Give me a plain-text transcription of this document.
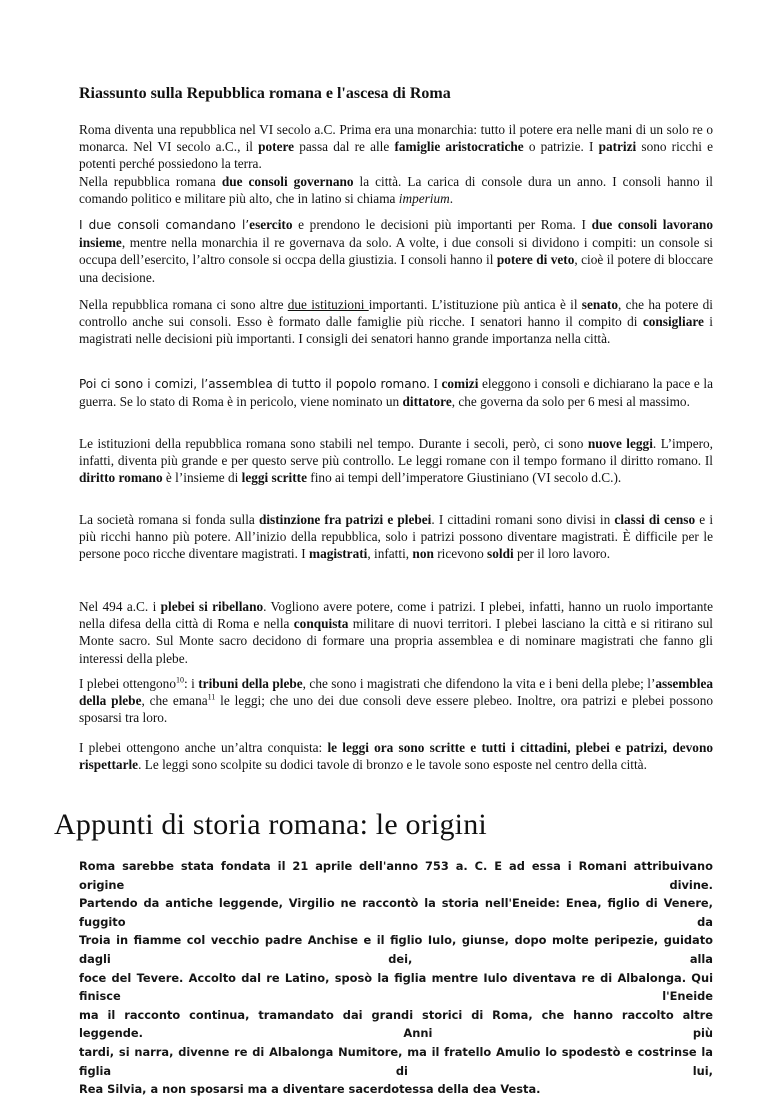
Riassunto sulla Repubblica romana e l'ascesa di Roma

Roma diventa una repubblica nel VI secolo a.C. Prima era una monarchia: tutto il potere era nelle mani di un solo re o monarca. Nel VI secolo a.C., il potere passa dal re alle famiglie aristocratiche o patrizie. I patrizi sono ricchi e potenti perché possiedono la terra.
Nella repubblica romana due consoli governano la città. La carica di console dura un anno. I consoli hanno il comando politico e militare più alto, che in latino si chiama imperium.

I due consoli comandano l’esercito e prendono le decisioni più importanti per Roma. I due consoli lavorano insieme, mentre nella monarchia il re governava da solo. A volte, i due consoli si dividono i compiti: un console si occupa dell’esercito, l’altro console si occpa della giustizia. I consoli hanno il potere di veto, cioè il potere di bloccare una decisione.

Nella repubblica romana ci sono altre due istituzioni importanti. L’istituzione più antica è il senato, che ha potere di controllo anche sui consoli. Esso è formato dalle famiglie più ricche. I senatori hanno il compito di consigliare i magistrati nelle decisioni più importanti. I consigli dei senatori hanno grande importanza nella città.

Poi ci sono i comizi, l’assemblea di tutto il popolo romano. I comizi eleggono i consoli e dichiarano la pace e la guerra. Se lo stato di Roma è in pericolo, viene nominato un dittatore, che governa da solo per 6 mesi al massimo.

Le istituzioni della repubblica romana sono stabili nel tempo. Durante i secoli, però, ci sono nuove leggi. L’impero, infatti, diventa più grande e per questo serve più controllo. Le leggi romane con il tempo formano il diritto romano. Il diritto romano è l’insieme di leggi scritte fino ai tempi dell’imperatore Giustiniano (VI secolo d.C.).

La società romana si fonda sulla distinzione fra patrizi e plebei. I cittadini romani sono divisi in classi di censo e i più ricchi hanno più potere. All’inizio della repubblica, solo i patrizi possono diventare magistrati. È difficile per le persone poco ricche diventare magistrati. I magistrati, infatti, non ricevono soldi per il loro lavoro.

Nel 494 a.C. i plebei si ribellano. Vogliono avere potere, come i patrizi. I plebei, infatti, hanno un ruolo importante nella difesa della città di Roma e nella conquista militare di nuovi territori. I plebei lasciano la città e si ritirano sul Monte sacro. Sul Monte sacro decidono di formare una propria assemblea e di nominare magistrati che fanno gli interessi della plebe.

I plebei ottengono$^{10}$: i tribuni della plebe, che sono i magistrati che difendono la vita e i beni della plebe; l’assemblea della plebe, che emana$^{11}$ le leggi; che uno dei due consoli deve essere plebeo. Inoltre, ora patrizi e plebei possono sposarsi tra loro.

I plebei ottengono anche un’altra conquista: le leggi ora sono scritte e tutti i cittadini, plebei e patrizi, devono rispettarle. Le leggi sono scolpite su dodici tavole di bronzo e le tavole sono esposte nel centro della città.

Appunti di storia romana: le origini
Roma sarebbe stata fondata il 21 aprile dell'anno 753 a. C. E ad essa i Romani attribuivano origine divine.
Partendo da antiche leggende, Virgilio ne raccontò la storia nell'Eneide: Enea, figlio di Venere, fuggito da
Troia in fiamme col vecchio padre Anchise e il figlio Iulo, giunse, dopo molte peripezie, guidato dagli dei, alla
foce del Tevere. Accolto dal re Latino, sposò la figlia mentre Iulo diventava re di Albalonga. Qui finisce l'Eneide
ma il racconto continua, tramandato dai grandi storici di Roma, che hanno raccolto altre leggende. Anni più
tardi, si narra, divenne re di Albalonga Numitore, ma il fratello Amulio lo spodestò e costrinse la figlia di lui,
Rea Silvia, a non sposarsi ma a diventare sacerdotessa della dea Vesta.
